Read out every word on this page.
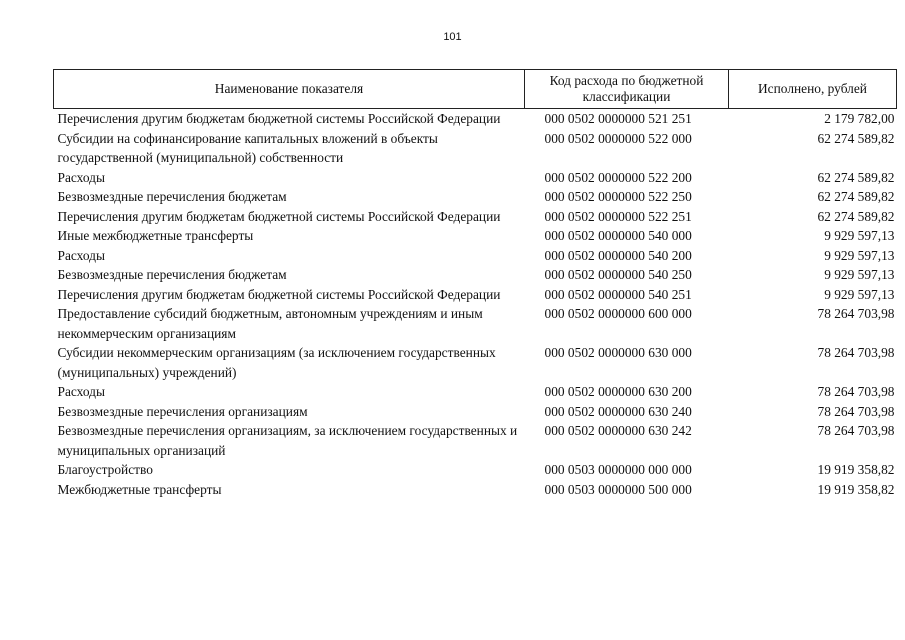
101
Наименование показателя	Код расхода по бюджетной классификации	Исполнено, рублей
Перечисления другим бюджетам бюджетной системы Российской Федерации	000 0502 0000000 521 251	2 179 782,00
Субсидии на софинансирование капитальных вложений в объекты государственной (муниципальной) собственности	000 0502 0000000 522 000	62 274 589,82
Расходы	000 0502 0000000 522 200	62 274 589,82
Безвозмездные перечисления бюджетам	000 0502 0000000 522 250	62 274 589,82
Перечисления другим бюджетам бюджетной системы Российской Федерации	000 0502 0000000 522 251	62 274 589,82
Иные межбюджетные трансферты	000 0502 0000000 540 000	9 929 597,13
Расходы	000 0502 0000000 540 200	9 929 597,13
Безвозмездные перечисления бюджетам	000 0502 0000000 540 250	9 929 597,13
Перечисления другим бюджетам бюджетной системы Российской Федерации	000 0502 0000000 540 251	9 929 597,13
Предоставление субсидий бюджетным, автономным учреждениям и иным некоммерческим организациям	000 0502 0000000 600 000	78 264 703,98
Субсидии некоммерческим организациям (за исключением государственных (муниципальных) учреждений)	000 0502 0000000 630 000	78 264 703,98
Расходы	000 0502 0000000 630 200	78 264 703,98
Безвозмездные перечисления организациям	000 0502 0000000 630 240	78 264 703,98
Безвозмездные перечисления организациям, за исключением государственных и муниципальных организаций	000 0502 0000000 630 242	78 264 703,98
Благоустройство	000 0503 0000000 000 000	19 919 358,82
Межбюджетные трансферты	000 0503 0000000 500 000	19 919 358,82
